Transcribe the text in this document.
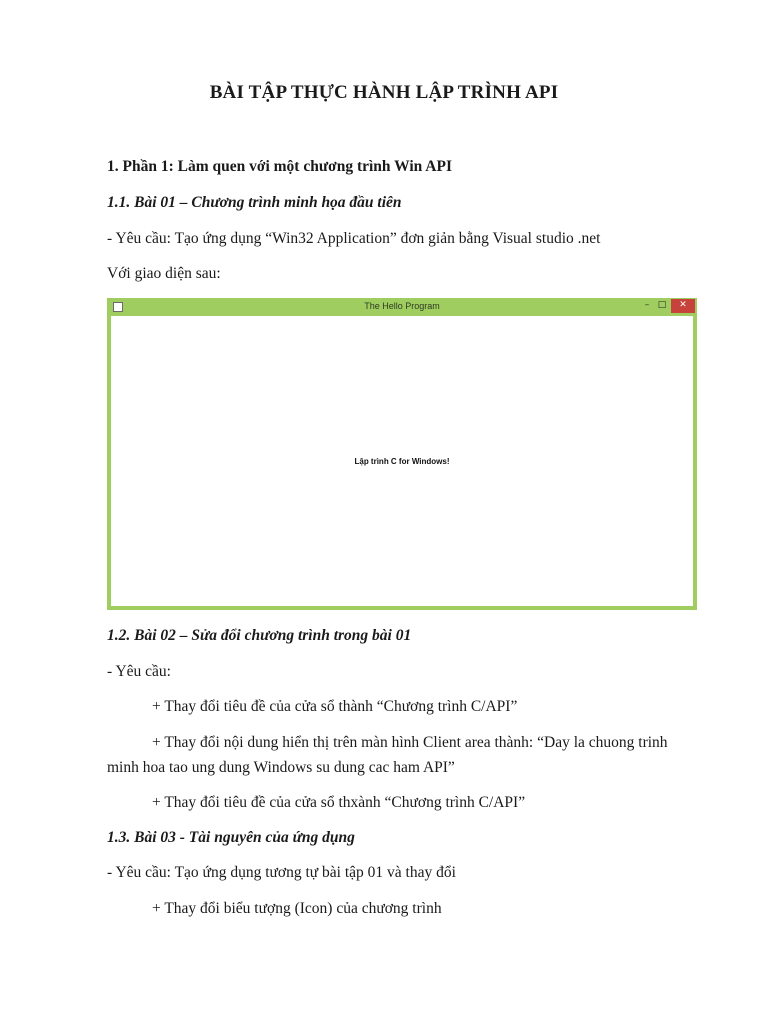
BÀI TẬP THỰC HÀNH LẬP TRÌNH API
1. Phần 1: Làm quen với một chương trình Win API
1.1. Bài 01 – Chương trình minh họa đầu tiên
- Yêu cầu: Tạo ứng dụng “Win32 Application” đơn giản bằng Visual studio .net
Với giao diện sau:
The Hello Program	– □	✕
Lập trình C for Windows!
1.2. Bài 02 – Sửa đổi chương trình trong bài 01
- Yêu cầu:
+ Thay đổi tiêu đề của cửa sổ thành “Chương trình C/API”
+ Thay đổi nội dung hiển thị trên màn hình Client area thành: “Day la chuong trinh
minh hoa tao ung dung Windows su dung cac ham API”
+ Thay đổi tiêu đề của cửa sổ thxành “Chương trình C/API”
1.3. Bài 03 - Tài nguyên của ứng dụng
- Yêu cầu: Tạo ứng dụng tương tự bài tập 01 và thay đổi
+ Thay đổi biểu tượng (Icon) của chương trình
